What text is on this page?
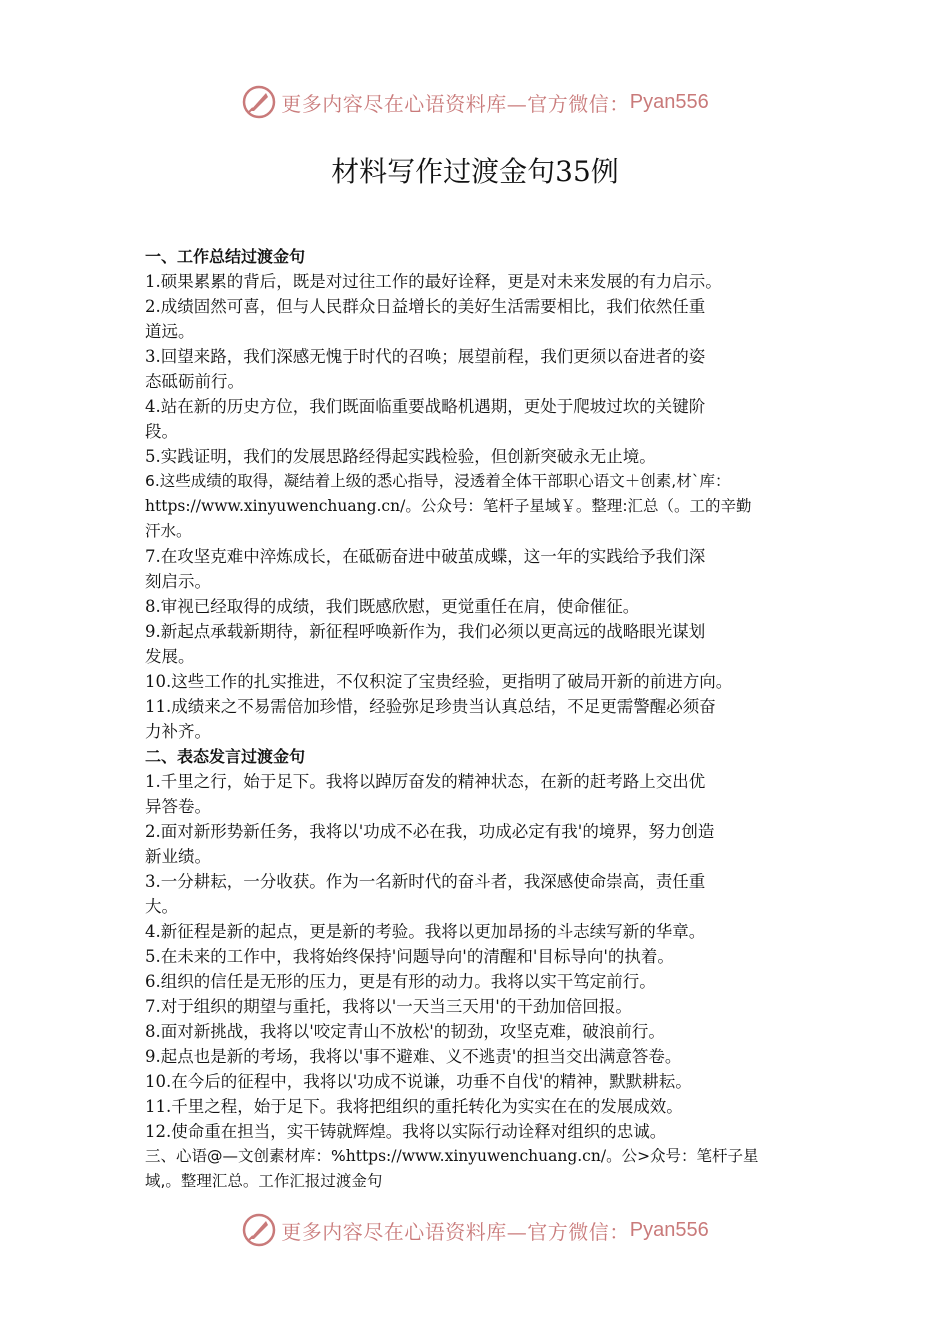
更多内容尽在心语资料库—官方微信： Pyan556
材料写作过渡金句35例
一、工作总结过渡金句
1.硕果累累的背后，既是对过往工作的最好诠释，更是对未来发展的有力启示。
2.成绩固然可喜，但与人民群众日益增长的美好生活需要相比，我们依然任重
道远。
3.回望来路，我们深感无愧于时代的召唤；展望前程，我们更须以奋进者的姿
态砥砺前行。
4.站在新的历史方位，我们既面临重要战略机遇期，更处于爬坡过坎的关键阶
段。
5.实践证明，我们的发展思路经得起实践检验，但创新突破永无止境。
6.这些成绩的取得，凝结着上级的悉心指导，浸透着全体干部职心语文＋创素,材`库：
https://www.xinyuwenchuang.cn/。公众号：笔杆子星域￥。整理:汇总（。工的辛勤
汗水。
7.在攻坚克难中淬炼成长，在砥砺奋进中破茧成蝶，这一年的实践给予我们深
刻启示。
8.审视已经取得的成绩，我们既感欣慰，更觉重任在肩，使命催征。
9.新起点承载新期待，新征程呼唤新作为，我们必须以更高远的战略眼光谋划
发展。
10.这些工作的扎实推进，不仅积淀了宝贵经验，更指明了破局开新的前进方向。
11.成绩来之不易需倍加珍惜，经验弥足珍贵当认真总结，不足更需警醒必须奋
力补齐。
二、表态发言过渡金句
1.千里之行，始于足下。我将以踔厉奋发的精神状态，在新的赶考路上交出优
异答卷。
2.面对新形势新任务，我将以'功成不必在我，功成必定有我'的境界，努力创造
新业绩。
3.一分耕耘，一分收获。作为一名新时代的奋斗者，我深感使命崇高，责任重
大。
4.新征程是新的起点，更是新的考验。我将以更加昂扬的斗志续写新的华章。
5.在未来的工作中，我将始终保持'问题导向'的清醒和'目标导向'的执着。
6.组织的信任是无形的压力，更是有形的动力。我将以实干笃定前行。
7.对于组织的期望与重托，我将以'一天当三天用'的干劲加倍回报。
8.面对新挑战，我将以'咬定青山不放松'的韧劲，攻坚克难，破浪前行。
9.起点也是新的考场，我将以'事不避难、义不逃责'的担当交出满意答卷。
10.在今后的征程中，我将以'功成不说谦，功垂不自伐'的精神，默默耕耘。
11.千里之程，始于足下。我将把组织的重托转化为实实在在的发展成效。
12.使命重在担当，实干铸就辉煌。我将以实际行动诠释对组织的忠诚。
三、心语@—文创素材库：%https://www.xinyuwenchuang.cn/。公>众号：笔杆子星
域,。整理汇总。工作汇报过渡金句
更多内容尽在心语资料库—官方微信： Pyan556
